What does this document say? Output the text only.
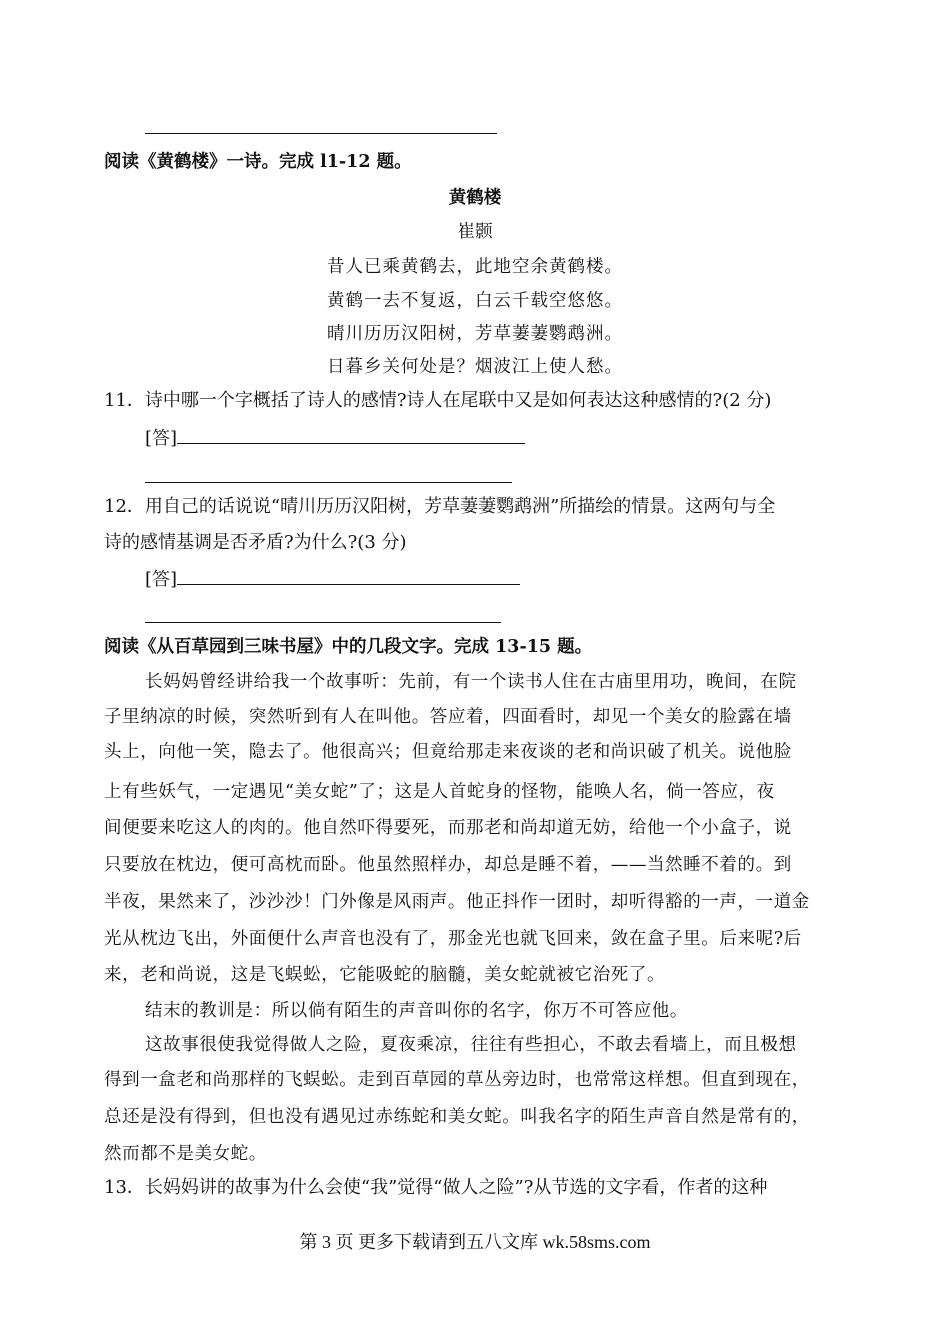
阅读《黄鹤楼》一诗。完成 l1-12 题。
黄鹤楼
崔颢
昔人已乘黄鹤去，此地空余黄鹤楼。
黄鹤一去不复返，白云千载空悠悠。
晴川历历汉阳树，芳草萋萋鹦鹉洲。
日暮乡关何处是？烟波江上使人愁。
11．诗中哪一个字概括了诗人的感情?诗人在尾联中又是如何表达这种感情的?(2 分)
[答]
12．用自己的话说说“晴川历历汉阳树，芳草萋萋鹦鹉洲”所描绘的情景。这两句与全
诗的感情基调是否矛盾?为什么?(3 分)
[答]
阅读《从百草园到三味书屋》中的几段文字。完成 13-15 题。
长妈妈曾经讲给我一个故事听：先前，有一个读书人住在古庙里用功，晚间，在院
子里纳凉的时候，突然听到有人在叫他。答应着，四面看时，却见一个美女的脸露在墙
头上，向他一笑，隐去了。他很高兴；但竟给那走来夜谈的老和尚识破了机关。说他脸
上有些妖气，一定遇见“美女蛇”了；这是人首蛇身的怪物，能唤人名，倘一答应，夜
间便要来吃这人的肉的。他自然吓得要死，而那老和尚却道无妨，给他一个小盒子，说
只要放在枕边，便可高枕而卧。他虽然照样办，却总是睡不着，——当然睡不着的。到
半夜，果然来了，沙沙沙！门外像是风雨声。他正抖作一团时，却听得豁的一声，一道金
光从枕边飞出，外面便什么声音也没有了，那金光也就飞回来，敛在盒子里。后来呢?后
来，老和尚说，这是飞蜈蚣，它能吸蛇的脑髓，美女蛇就被它治死了。
结末的教训是：所以倘有陌生的声音叫你的名字，你万不可答应他。
这故事很使我觉得做人之险，夏夜乘凉，往往有些担心，不敢去看墙上，而且极想
得到一盒老和尚那样的飞蜈蚣。走到百草园的草丛旁边时，也常常这样想。但直到现在，
总还是没有得到，但也没有遇见过赤练蛇和美女蛇。叫我名字的陌生声音自然是常有的，
然而都不是美女蛇。
13．长妈妈讲的故事为什么会使“我”觉得“做人之险”?从节选的文字看，作者的这种
第 3 页 更多下载请到五八文库 wk.58sms.com
